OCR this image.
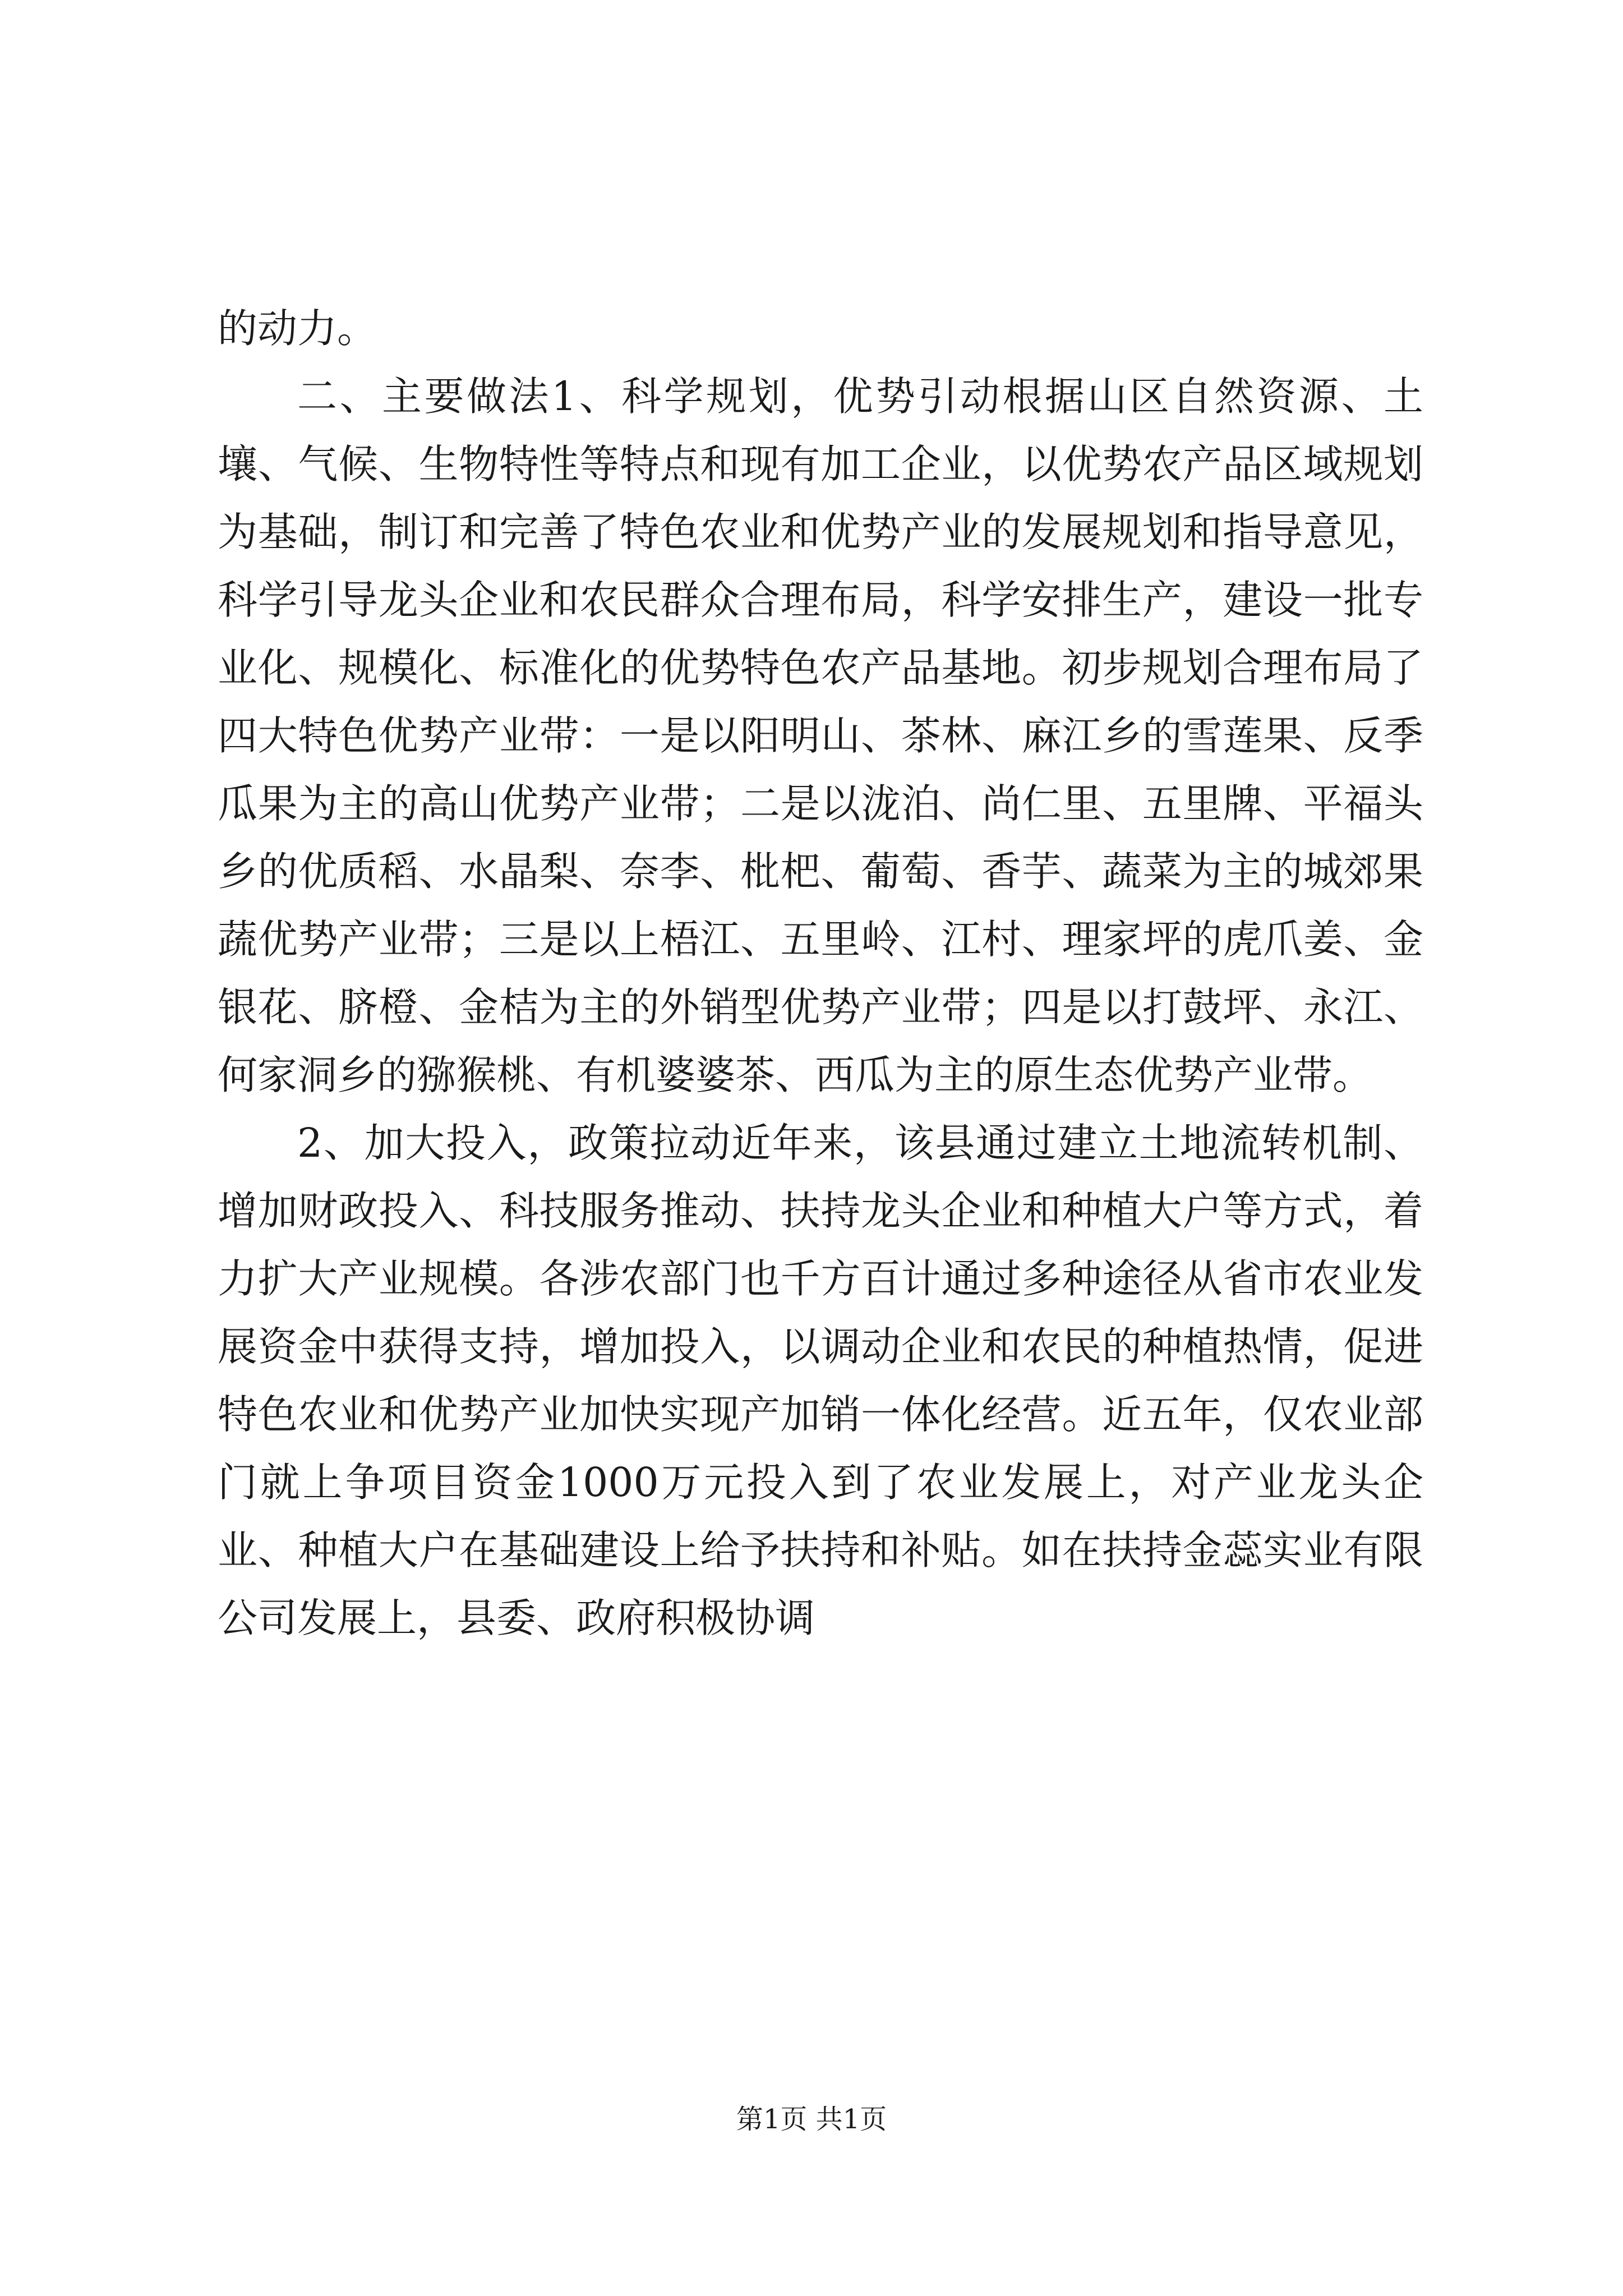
的动力。

二、主要做法1、科学规划，优势引动根据山区自然资源、土壤、气候、生物特性等特点和现有加工企业，以优势农产品区域规划为基础，制订和完善了特色农业和优势产业的发展规划和指导意见，科学引导龙头企业和农民群众合理布局，科学安排生产，建设一批专业化、规模化、标准化的优势特色农产品基地。初步规划合理布局了四大特色优势产业带：一是以阳明山、茶林、麻江乡的雪莲果、反季瓜果为主的高山优势产业带；二是以泷泊、尚仁里、五里牌、平福头乡的优质稻、水晶梨、奈李、枇杷、葡萄、香芋、蔬菜为主的城郊果蔬优势产业带；三是以上梧江、五里岭、江村、理家坪的虎爪姜、金银花、脐橙、金桔为主的外销型优势产业带；四是以打鼓坪、永江、何家洞乡的猕猴桃、有机婆婆茶、西瓜为主的原生态优势产业带。

2、加大投入，政策拉动近年来，该县通过建立土地流转机制、增加财政投入、科技服务推动、扶持龙头企业和种植大户等方式，着力扩大产业规模。各涉农部门也千方百计通过多种途径从省市农业发展资金中获得支持，增加投入，以调动企业和农民的种植热情，促进特色农业和优势产业加快实现产加销一体化经营。近五年，仅农业部门就上争项目资金1000万元投入到了农业发展上，对产业龙头企业、种植大户在基础建设上给予扶持和补贴。如在扶持金蕊实业有限公司发展上，县委、政府积极协调

第1页 共1页
